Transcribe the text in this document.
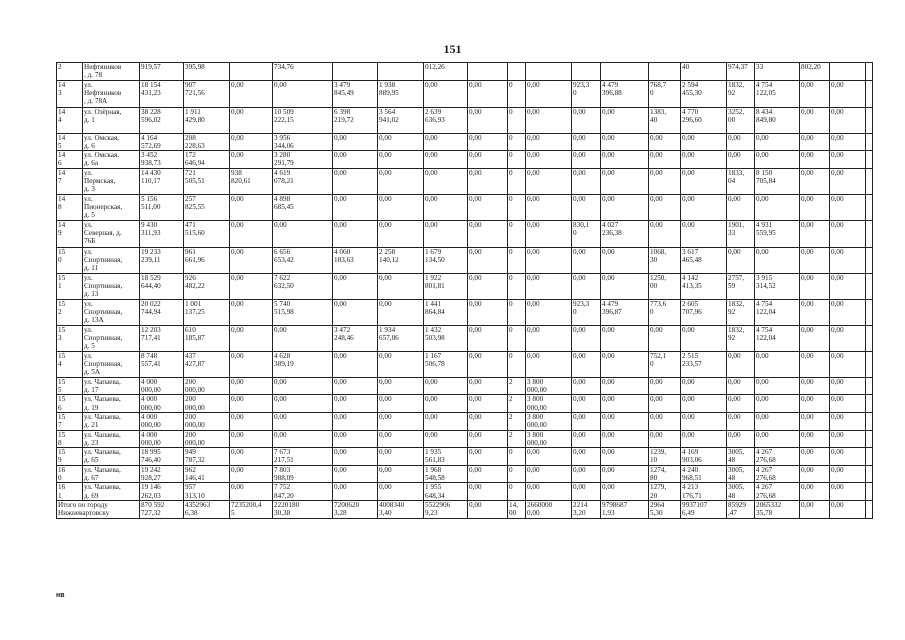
151
2	Нефтяников
, д. 78	919,57	395,98		734,76			012,26							40	974,37	33	802,20		
14
3	ул.
Нефтяников
, д. 78А	18 154
431,23	907
721,56	0,00	0,00	3 479
845,49	1 938
889,95	0,00	0,00	0	0,00	923,3
0	4 479
396,88	768,7
0	2 594
455,30	1832,
92	4 754
122,05	0,00	0,00	
14
4	ул. Озёрная,
д. 1	38 228
596,02	1 911
429,80	0,00	10 509
222,15	6 398
219,72	3 564
941,02	2 639
636,93	0,00	0	0,00	0,00	0,00	1383,
40	4 770
296,60	3252,
00	8 434
849,80	0,00	0,00	
14
5	ул. Омская,
д. 6	4 164
572,69	208
228,63	0,00	3 956
344,06	0,00	0,00	0,00	0,00	0	0,00	0,00	0,00	0,00	0,00	0,00	0,00	0,00	0,00	
14
6	ул. Омская,
д. 6а	3 452
938,73	172
646,94	0,00	3 280
291,79	0,00	0,00	0,00	0,00	0	0,00	0,00	0,00	0,00	0,00	0,00	0,00	0,00	0,00	
14
7	ул.
Пермская,
д. 3	14 430
110,17	721
505,51	938
820,61	4 619
078,21	0,00	0,00	0,00	0,00	0	0,00	0,00	0,00	0,00	0,00	1833,
04	8 150
705,84	0,00	0,00	
14
8	ул.
Пионерская,
д. 5	5 156
511,00	257
825,55	0,00	4 898
685,45	0,00	0,00	0,00	0,00	0	0,00	0,00	0,00	0,00	0,00	0,00	0,00	0,00	0,00	
14
9	ул.
Северная, д.
76Б	9 430
311,93	471
515,60	0,00	0,00	0,00	0,00	0,00	0,00	0	0,00	830,1
0	4 027
236,38	0,00	0,00	1901,
33	4 931
559,95	0,00	0,00	
15
0	ул.
Спортивная,
д. 11	19 233
239,11	961
661,96	0,00	6 656
653,42	4 060
183,63	2 258
140,12	1 679
134,50	0,00	0	0,00	0,00	0,00	1068,
30	3 617
465,48	0,00	0,00	0,00	0,00	
15
1	ул.
Спортивная,
д. 13	18 529
644,40	926
482,22	0,00	7 622
632,50	0,00	0,00	1 922
801,81	0,00	0	0,00	0,00	0,00	1250,
00	4 142
413,35	2757,
59	3 915
314,52	0,00	0,00	
15
2	ул.
Спортивная,
д. 13А	20 022
744,94	1 001
137,25	0,00	5 740
515,98	0,00	0,00	1 441
864,84	0,00	0	0,00	923,3
0	4 479
396,87	773,6
0	2 605
707,96	1832,
92	4 754
122,04	0,00	0,00	
15
3	ул.
Спортивная,
д. 5	12 203
717,41	610
185,87	0,00	0,00	3 472
248,46	1 934
657,06	1 432
503,98	0,00	0	0,00	0,00	0,00	0,00	0,00	1832,
92	4 754
122,04	0,00	0,00	
15
4	ул.
Спортивная,
д. 5А	8 748
557,41	437
427,87	0,00	4 628
389,19	0,00	0,00	1 167
506,78	0,00	0	0,00	0,00	0,00	752,1
0	2 515
233,57	0,00	0,00	0,00	0,00	
15
5	ул. Чапаева,
д. 17	4 000
000,00	200
000,00	0,00	0,00	0,00	0,00	0,00	0,00	2	3 800
000,00	0,00	0,00	0,00	0,00	0,00	0,00	0,00	0,00	
15
6	ул. Чапаева,
д. 19	4 000
000,00	200
000,00	0,00	0,00	0,00	0,00	0,00	0,00	2	3 800
000,00	0,00	0,00	0,00	0,00	0,00	0,00	0,00	0,00	
15
7	ул. Чапаева,
д. 21	4 000
000,00	200
000,00	0,00	0,00	0,00	0,00	0,00	0,00	2	3 800
000,00	0,00	0,00	0,00	0,00	0,00	0,00	0,00	0,00	
15
8	ул. Чапаева,
д. 23	4 000
000,00	200
000,00	0,00	0,00	0,00	0,00	0,00	0,00	2	3 800
000,00	0,00	0,00	0,00	0,00	0,00	0,00	0,00	0,00	
15
9	ул. Чапаева,
д. 65	18 995
746,40	949
787,32	0,00	7 673
217,51	0,00	0,00	1 935
561,83	0,00	0	0,00	0,00	0,00	1239,
10	4 169
903,06	3005,
48	4 267
276,68	0,00	0,00	
16
0	ул. Чапаева,
д. 67	19 242
928,27	962
146,41	0,00	7 803
988,09	0,00	0,00	1 968
548,58	0,00	0	0,00	0,00	0,00	1274,
80	4 240
968,51	3005,
48	4 267
276,68	0,00	0,00	
16
1	ул. Чапаева,
д. 69	19 146
262,03	957
313,10	0,00	7 752
847,20	0,00	0,00	1 955
648,34	0,00	0	0,00	0,00	0,00	1279,
20	4 213
176,71	3005,
48	4 267
276,68	0,00	0,00	
Итого по городу
Нижневартовску		870 592
727,32	4352963
6,38	7235200,4
5	2220180
30,38	7200620
3,28	4008340
3,40	5522906
9,23	0,00	14,
00	2660000
0,00	2214
3,20	9798687
1,93	2964
5,30	9937107
6,49	85929
,47	2065332
35,78	0,00	0,00	
нв
